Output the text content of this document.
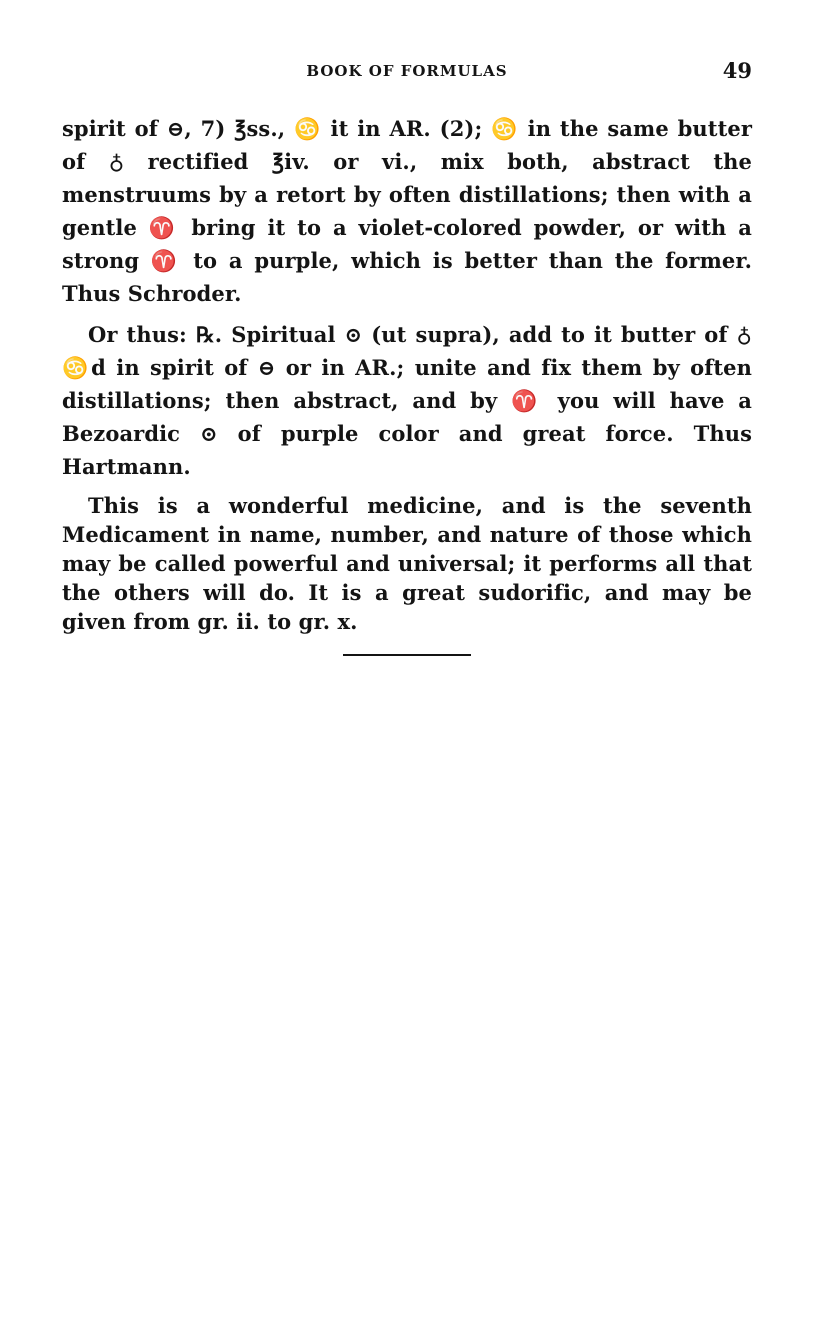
BOOK OF FORMULAS	49

spirit of ⊖, 7) ℥ss., ♋ it in AR. (2); ♋ in the same butter of ♁ rectified ℥iv. or vi., mix both, abstract the menstruums by a retort by often distillations; then with a gentle ♈ bring it to a violet-colored powder, or with a strong ♈ to a purple, which is better than the former. Thus Schroder.

Or thus: ℞. Spiritual ⊙ (ut supra), add to it butter of ♁ ♋d in spirit of ⊖ or in AR.; unite and fix them by often distillations; then abstract, and by ♈ you will have a Bezoardic ⊙ of purple color and great force. Thus Hartmann.

This is a wonderful medicine, and is the seventh Medicament in name, number, and nature of those which may be called powerful and universal; it performs all that the others will do. It is a great sudorific, and may be given from gr. ii. to gr. x.
